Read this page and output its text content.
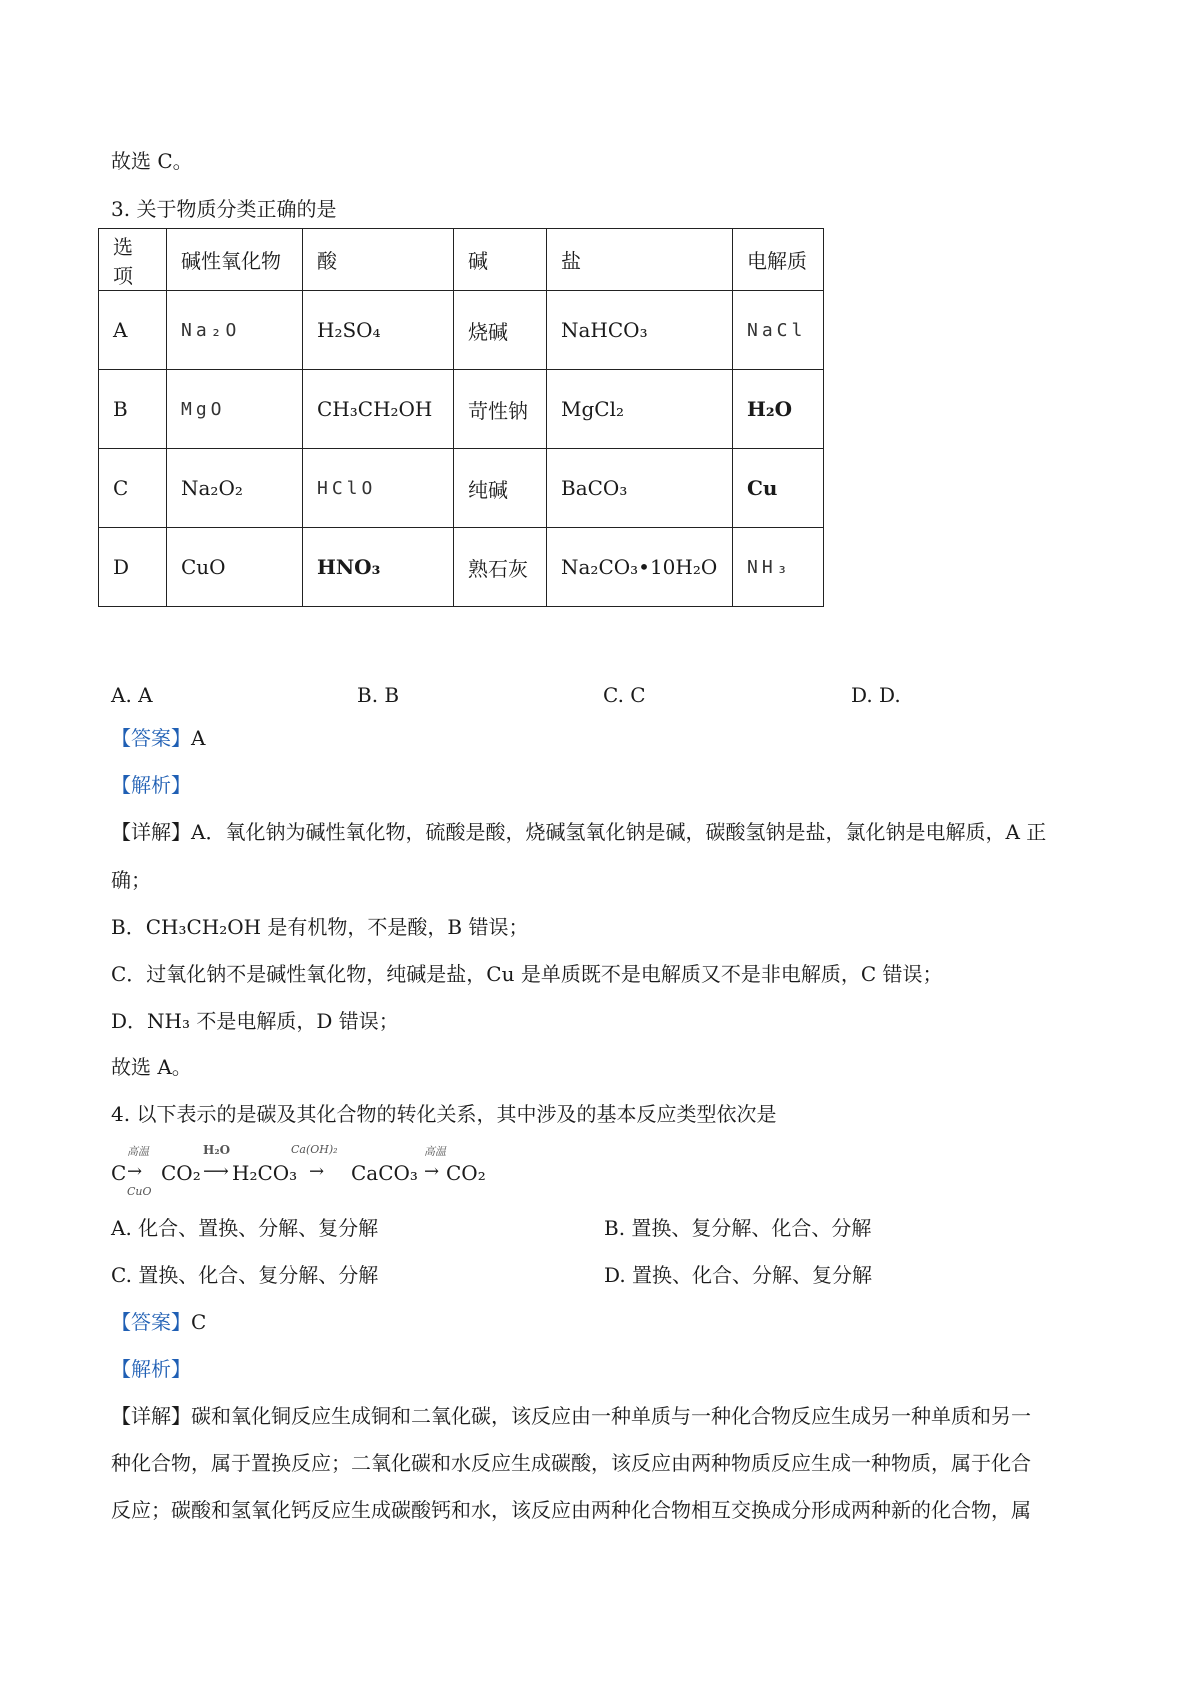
故选 C。
3. 关于物质分类正确的是
选项	碱性氧化物	酸	碱	盐	电解质
A	Na₂O	H₂SO₄	烧碱	NaHCO₃	NaCl
B	MgO	CH₃CH₂OH	苛性钠	MgCl₂	H₂O
C	Na₂O₂	HClO	纯碱	BaCO₃	Cu
D	CuO	HNO₃	熟石灰	Na₂CO₃•10H₂O	NH₃
A. A	B. B	C. C	D. D.
【答案】A
【解析】
【详解】A．氧化钠为碱性氧化物，硫酸是酸，烧碱氢氧化钠是碱，碳酸氢钠是盐，氯化钠是电解质，A 正
确；
B．CH₃CH₂OH 是有机物，不是酸，B 错误；
C．过氧化钠不是碱性氧化物，纯碱是盐，Cu 是单质既不是电解质又不是非电解质，C 错误；
D．NH₃ 不是电解质，D 错误；
故选 A。
4. 以下表示的是碳及其化合物的转化关系，其中涉及的基本反应类型依次是
C
高温
→
CuO
CO₂
H₂O
⟶ H₂CO₃
Ca(OH)₂
→ CaCO₃
高温
→ CO₂
A. 化合、置换、分解、复分解	B. 置换、复分解、化合、分解
C. 置换、化合、复分解、分解	D. 置换、化合、分解、复分解
【答案】C
【解析】
【详解】碳和氧化铜反应生成铜和二氧化碳，该反应由一种单质与一种化合物反应生成另一种单质和另一
种化合物，属于置换反应；二氧化碳和水反应生成碳酸，该反应由两种物质反应生成一种物质，属于化合
反应；碳酸和氢氧化钙反应生成碳酸钙和水，该反应由两种化合物相互交换成分形成两种新的化合物，属
